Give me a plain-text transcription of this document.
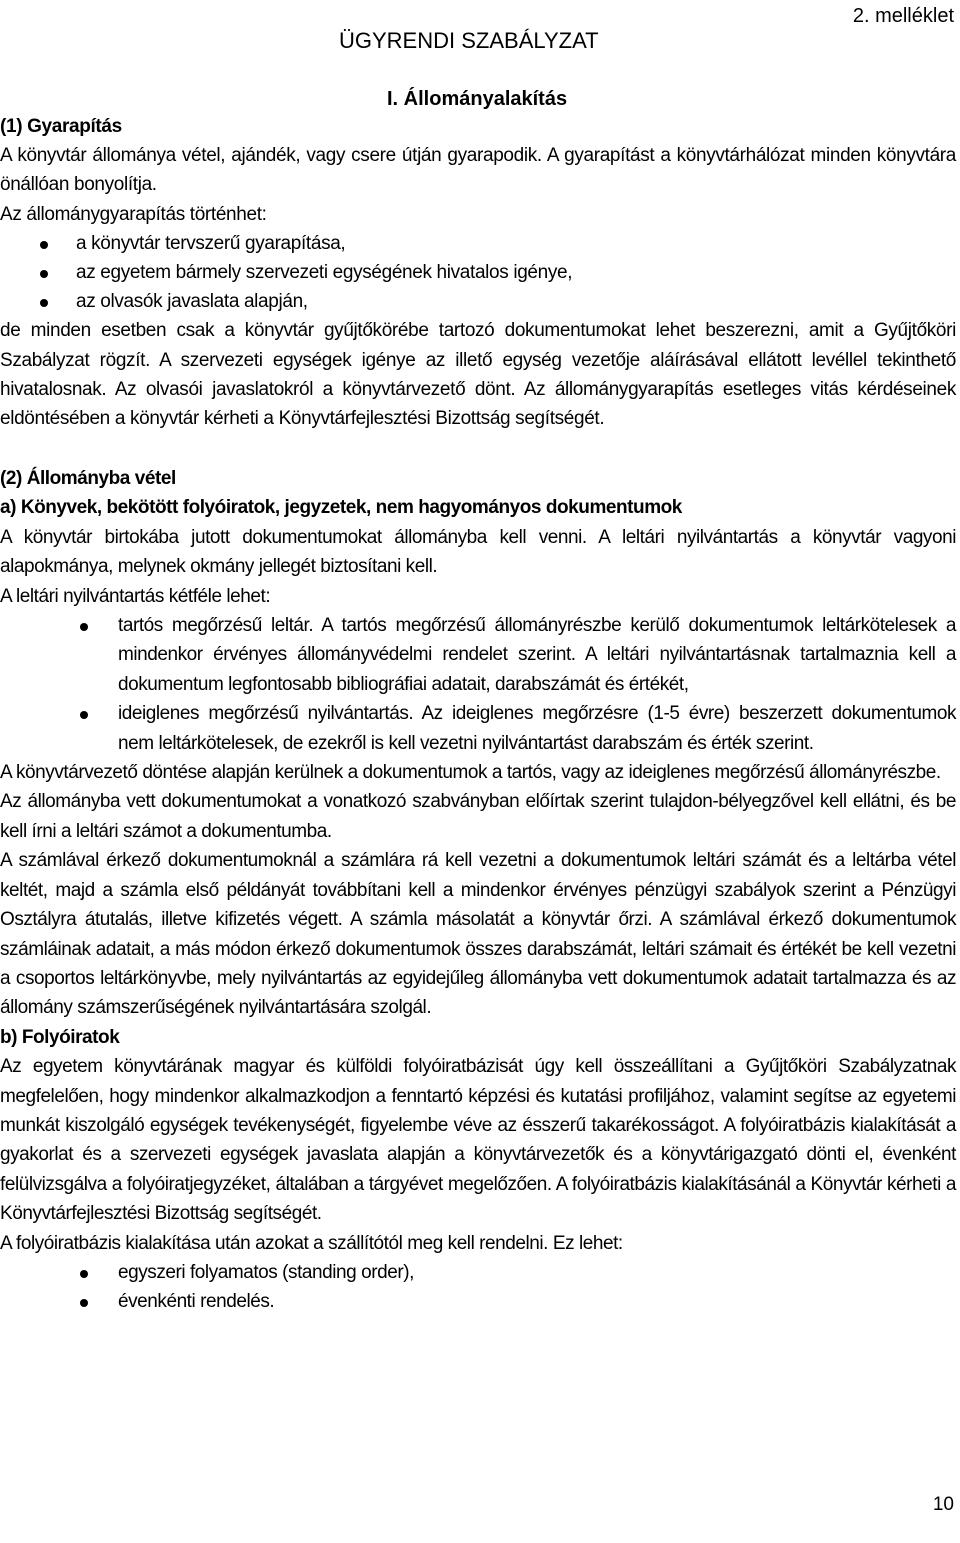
ÜGYRENDI SZABÁLYZAT
2. melléklet
I. Állományalakítás

(1) Gyarapítás

A könyvtár állománya vétel, ajándék, vagy csere útján gyarapodik. A gyarapítást a könyvtárhálózat minden könyvtára önállóan bonyolítja.

Az állománygyarapítás történhet:

a könyvtár tervszerű gyarapítása,

az egyetem bármely szervezeti egységének hivatalos igénye,

az olvasók javaslata alapján,

de minden esetben csak a könyvtár gyűjtőkörébe tartozó dokumentumokat lehet beszerezni, amit a Gyűjtőköri Szabályzat rögzít. A szervezeti egységek igénye az illető egység vezetője aláírásával ellátott levéllel tekinthető hivatalosnak. Az olvasói javaslatokról a könyvtárvezető dönt. Az állománygyarapítás esetleges vitás kérdéseinek eldöntésében a könyvtár kérheti a Könyvtárfejlesztési Bizottság segítségét.

(2) Állományba vétel

a) Könyvek, bekötött folyóiratok, jegyzetek, nem hagyományos dokumentumok

A könyvtár birtokába jutott dokumentumokat állományba kell venni. A leltári nyilvántartás a könyvtár vagyoni alapokmánya, melynek okmány jellegét biztosítani kell.

A leltári nyilvántartás kétféle lehet:

tartós megőrzésű leltár. A tartós megőrzésű állományrészbe kerülő dokumentumok leltárkötelesek a mindenkor érvényes állományvédelmi rendelet szerint. A leltári nyilvántartásnak tartalmaznia kell a dokumentum legfontosabb bibliográfiai adatait, darabszámát és értékét,

ideiglenes megőrzésű nyilvántartás. Az ideiglenes megőrzésre (1-5 évre) beszerzett dokumentumok nem leltárkötelesek, de ezekről is kell vezetni nyilvántartást darabszám és érték szerint.

A könyvtárvezető döntése alapján kerülnek a dokumentumok a tartós, vagy az ideiglenes megőrzésű állományrészbe.

Az állományba vett dokumentumokat a vonatkozó szabványban előírtak szerint tulajdon-bélyegzővel kell ellátni, és be kell írni a leltári számot a dokumentumba.

A számlával érkező dokumentumoknál a számlára rá kell vezetni a dokumentumok leltári számát és a leltárba vétel keltét, majd a számla első példányát továbbítani kell a mindenkor érvényes pénzügyi szabályok szerint a Pénzügyi Osztályra átutalás, illetve kifizetés végett. A számla másolatát a könyvtár őrzi. A számlával érkező dokumentumok számláinak adatait, a más módon érkező dokumentumok összes darabszámát, leltári számait és értékét be kell vezetni a csoportos leltárkönyvbe, mely nyilvántartás az egyidejűleg állományba vett dokumentumok adatait tartalmazza és az állomány számszerűségének nyilvántartására szolgál.

b) Folyóiratok

Az egyetem könyvtárának magyar és külföldi folyóiratbázisát úgy kell összeállítani a Gyűjtőköri Szabályzatnak megfelelően, hogy mindenkor alkalmazkodjon a fenntartó képzési és kutatási profiljához, valamint segítse az egyetemi munkát kiszolgáló egységek tevékenységét, figyelembe véve az ésszerű takarékosságot. A folyóiratbázis kialakítását a gyakorlat és a szervezeti egységek javaslata alapján a könyvtárvezetők és a könyvtárigazgató dönti el, évenként felülvizsgálva a folyóiratjegyzéket, általában a tárgyévet megelőzően. A folyóiratbázis kialakításánál a Könyvtár kérheti a Könyvtárfejlesztési Bizottság segítségét.

A folyóiratbázis kialakítása után azokat a szállítótól meg kell rendelni. Ez lehet:

egyszeri folyamatos (standing order),

évenkénti rendelés.

10
